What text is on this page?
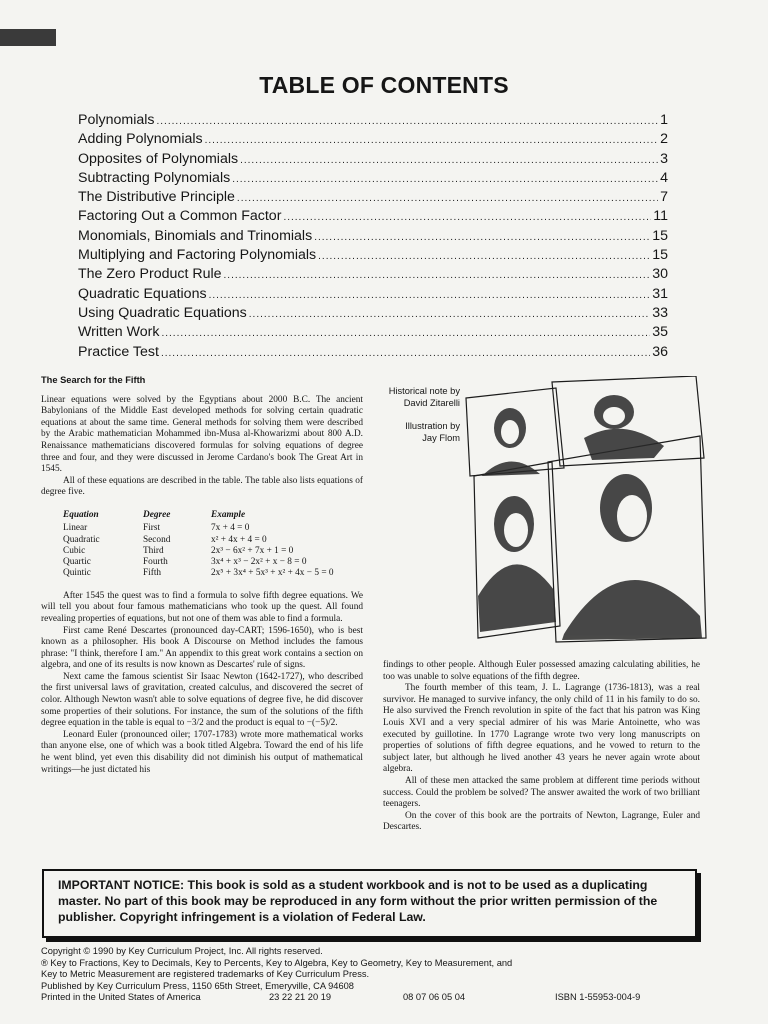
TABLE OF CONTENTS
Polynomials .....	1
Adding Polynomials .....	2
Opposites of Polynomials .....	3
Subtracting Polynomials .....	4
The Distributive Principle .....	7
Factoring Out a Common Factor .....	11
Monomials, Binomials and Trinomials .....	15
Multiplying and Factoring Polynomials .....	15
The Zero Product Rule .....	30
Quadratic Equations .....	31
Using Quadratic Equations .....	33
Written Work .....	35
Practice Test .....	36
The Search for the Fifth

Linear equations were solved by the Egyptians about 2000 B.C. The ancient Babylonians of the Middle East developed methods for solving certain quadratic equations at about the same time. General methods for solving them were described by the Arabic mathematician Mohammed ibn-Musa al-Khowarizmi about 800 A.D. Renaissance mathematicians discovered formulas for solving equations of degree three and four, and they were discussed in Jerome Cardano's book The Great Art in 1545.

All of these equations are described in the table. The table also lists equations of degree five.

Equation	Degree	Example
Linear	First	7x + 4 = 0
Quadratic	Second	x² + 4x + 4 = 0
Cubic	Third	2x³ − 6x² + 7x + 1 = 0
Quartic	Fourth	3x⁴ + x³ − 2x² + x − 8 = 0
Quintic	Fifth	2x⁵ + 3x⁴ + 5x³ + x² + 4x − 5 = 0

After 1545 the quest was to find a formula to solve fifth degree equations. We will tell you about four famous mathematicians who took up the quest. All found revealing properties of equations, but not one of them was able to find a formula.

First came René Descartes (pronounced day-CART; 1596-1650), who is best known as a philosopher. His book A Discourse on Method includes the famous phrase: "I think, therefore I am." An appendix to this great work contains a section on algebra, and one of its results is now known as Descartes' rule of signs.

Next came the famous scientist Sir Isaac Newton (1642-1727), who described the first universal laws of gravitation, created calculus, and discovered the secret of color. Although Newton wasn't able to solve equations of degree five, he did discover some properties of their solutions. For instance, the sum of the solutions of the fifth degree equation in the table is equal to −3/2 and the product is equal to −(−5)/2.

Leonard Euler (pronounced oiler; 1707-1783) wrote more mathematical works than anyone else, one of which was a book titled Algebra. Toward the end of his life he went blind, yet even this disability did not diminish his output of mathematical writings—he just dictated his

Historical note by
David Zitarelli
Illustration by
Jay Flom

findings to other people. Although Euler possessed amazing calculating abilities, he too was unable to solve equations of the fifth degree.

The fourth member of this team, J. L. Lagrange (1736-1813), was a real survivor. He managed to survive infancy, the only child of 11 in his family to do so. He also survived the French revolution in spite of the fact that his patron was King Louis XVI and a very special admirer of his was Marie Antoinette, who was executed by guillotine. In 1770 Lagrange wrote two very long manuscripts on properties of solutions of fifth degree equations, and he vowed to return to the subject later, but although he lived another 43 years he never again wrote about algebra.

All of these men attacked the same problem at different time periods without success. Could the problem be solved? The answer awaited the work of two brilliant teenagers.

On the cover of this book are the portraits of Newton, Lagrange, Euler and Descartes.

IMPORTANT NOTICE: This book is sold as a student workbook and is not to be used as a duplicating master. No part of this book may be reproduced in any form without the prior written permission of the publisher. Copyright infringement is a violation of Federal Law.
Copyright © 1990 by Key Curriculum Project, Inc. All rights reserved.
® Key to Fractions, Key to Decimals, Key to Percents, Key to Algebra, Key to Geometry, Key to Measurement, and
Key to Metric Measurement are registered trademarks of Key Curriculum Press.
Published by Key Curriculum Press, 1150 65th Street, Emeryville, CA 94608
Printed in the United States of America	23 22 21 20 19	08 07 06 05 04	ISBN 1-55953-004-9
